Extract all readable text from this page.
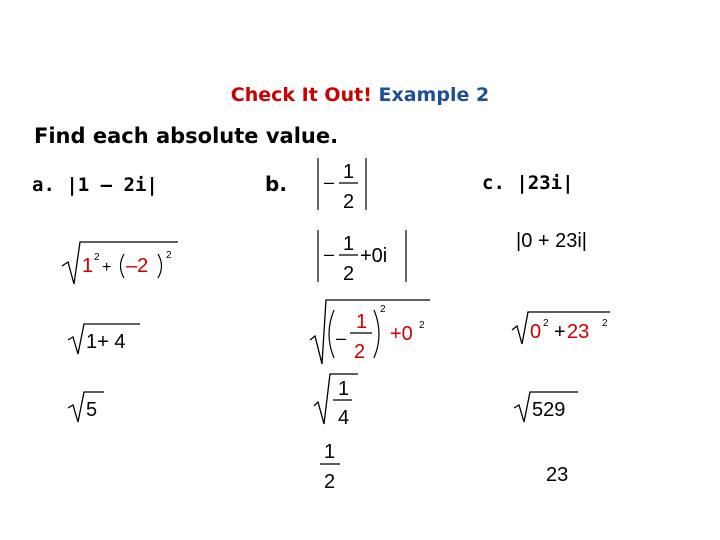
Check It Out! Example 2
Find each absolute value.
a. |1 – 2i|
1 2
+ –2 2
1+ 4
5
b. – 1
2
– 1
2
+0i
–
1
2
2
+0 2
1
4
1
2
c. |23i|
|0 + 23i|
0 2 + 23 2
529
23
